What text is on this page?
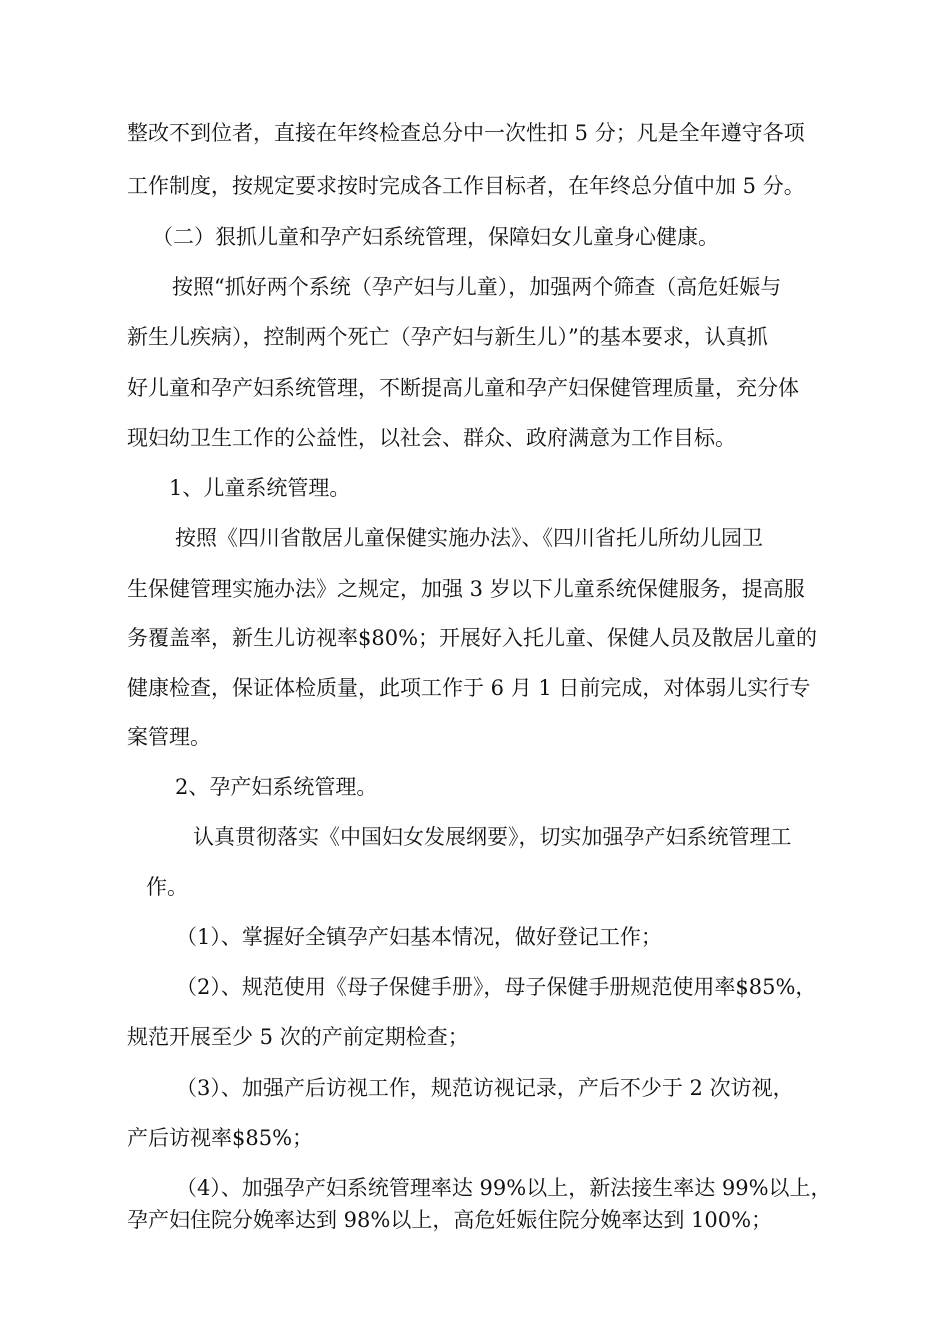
整改不到位者，直接在年终检查总分中一次性扣 5 分；凡是全年遵守各项
工作制度，按规定要求按时完成各工作目标者，在年终总分值中加 5 分。
（二）狠抓儿童和孕产妇系统管理，保障妇女儿童身心健康。
按照“抓好两个系统（孕产妇与儿童），加强两个筛查（高危妊娠与
新生儿疾病），控制两个死亡（孕产妇与新生儿）”的基本要求，认真抓
好儿童和孕产妇系统管理，不断提高儿童和孕产妇保健管理质量，充分体
现妇幼卫生工作的公益性，以社会、群众、政府满意为工作目标。
1、儿童系统管理。
按照《四川省散居儿童保健实施办法》、《四川省托儿所幼儿园卫
生保健管理实施办法》之规定，加强 3 岁以下儿童系统保健服务，提高服
务覆盖率，新生儿访视率$80%；开展好入托儿童、保健人员及散居儿童的
健康检查，保证体检质量，此项工作于 6 月 1 日前完成，对体弱儿实行专
案管理。
2、孕产妇系统管理。
认真贯彻落实《中国妇女发展纲要》，切实加强孕产妇系统管理工
作。
（1）、掌握好全镇孕产妇基本情况，做好登记工作；
（2）、规范使用《母子保健手册》，母子保健手册规范使用率$85%，
规范开展至少 5 次的产前定期检查；
（3）、加强产后访视工作，规范访视记录，产后不少于 2 次访视，
产后访视率$85%；
（4）、加强孕产妇系统管理率达 99%以上，新法接生率达 99%以上，
孕产妇住院分娩率达到 98%以上，高危妊娠住院分娩率达到 100%；
